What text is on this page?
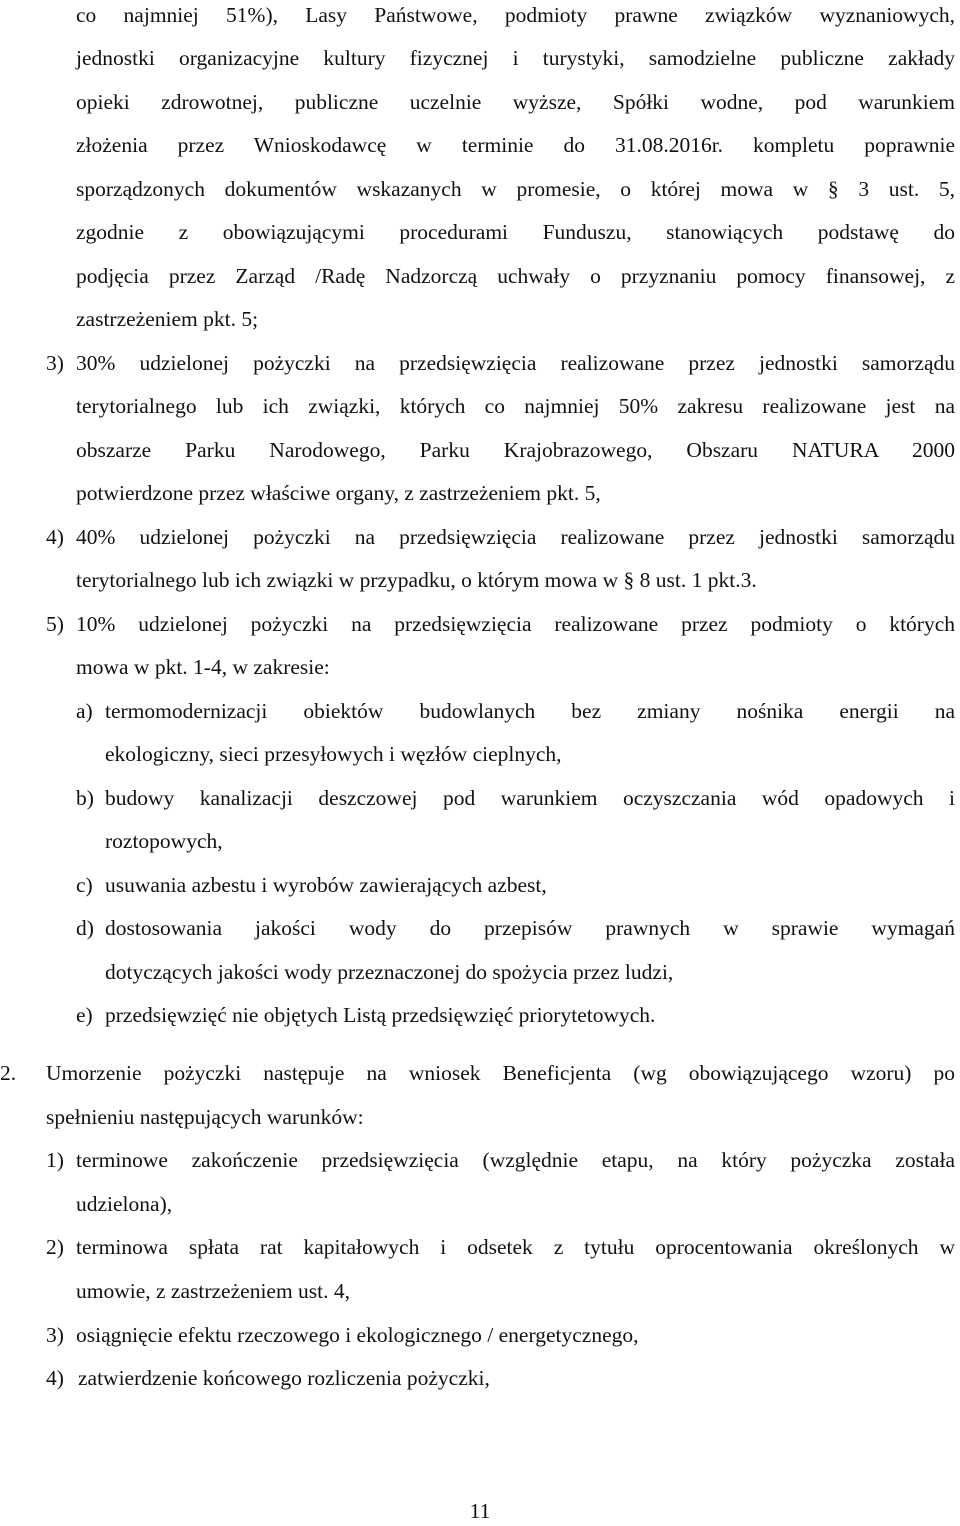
co najmniej 51%), Lasy Państwowe, podmioty prawne związków wyznaniowych,
jednostki organizacyjne kultury fizycznej i turystyki, samodzielne publiczne zakłady
opieki zdrowotnej, publiczne uczelnie wyższe, Spółki wodne, pod warunkiem
złożenia przez Wnioskodawcę w terminie do 31.08.2016r. kompletu poprawnie
sporządzonych dokumentów wskazanych w promesie, o której mowa w § 3 ust. 5,
zgodnie z obowiązującymi procedurami Funduszu, stanowiących podstawę do
podjęcia przez Zarząd /Radę Nadzorczą uchwały o przyznaniu pomocy finansowej, z
zastrzeżeniem pkt. 5;
3) 30% udzielonej pożyczki na przedsięwzięcia realizowane przez jednostki samorządu
terytorialnego lub ich związki, których co najmniej 50% zakresu realizowane jest na
obszarze Parku Narodowego, Parku Krajobrazowego, Obszaru NATURA 2000
potwierdzone przez właściwe organy, z zastrzeżeniem pkt. 5,
4) 40% udzielonej pożyczki na przedsięwzięcia realizowane przez jednostki samorządu
terytorialnego lub ich związki w przypadku, o którym mowa w § 8 ust. 1 pkt.3.
5) 10% udzielonej pożyczki na przedsięwzięcia realizowane przez podmioty o których
mowa w pkt. 1-4, w zakresie:
a) termomodernizacji obiektów budowlanych bez zmiany nośnika energii na
ekologiczny, sieci przesyłowych i węzłów cieplnych,
b) budowy kanalizacji deszczowej pod warunkiem oczyszczania wód opadowych i
roztopowych,
c) usuwania azbestu i wyrobów zawierających azbest,
d) dostosowania jakości wody do przepisów prawnych w sprawie wymagań
dotyczących jakości wody przeznaczonej do spożycia przez ludzi,
e) przedsięwzięć nie objętych Listą przedsięwzięć priorytetowych.
2.	Umorzenie pożyczki następuje na wniosek Beneficjenta (wg obowiązującego wzoru) po
spełnieniu następujących warunków:
1) terminowe zakończenie przedsięwzięcia (względnie etapu, na który pożyczka została
udzielona),
2) terminowa spłata rat kapitałowych i odsetek z tytułu oprocentowania określonych w
umowie, z zastrzeżeniem ust. 4,
3) osiągnięcie efektu rzeczowego i ekologicznego / energetycznego,
4) zatwierdzenie końcowego rozliczenia pożyczki,
11
